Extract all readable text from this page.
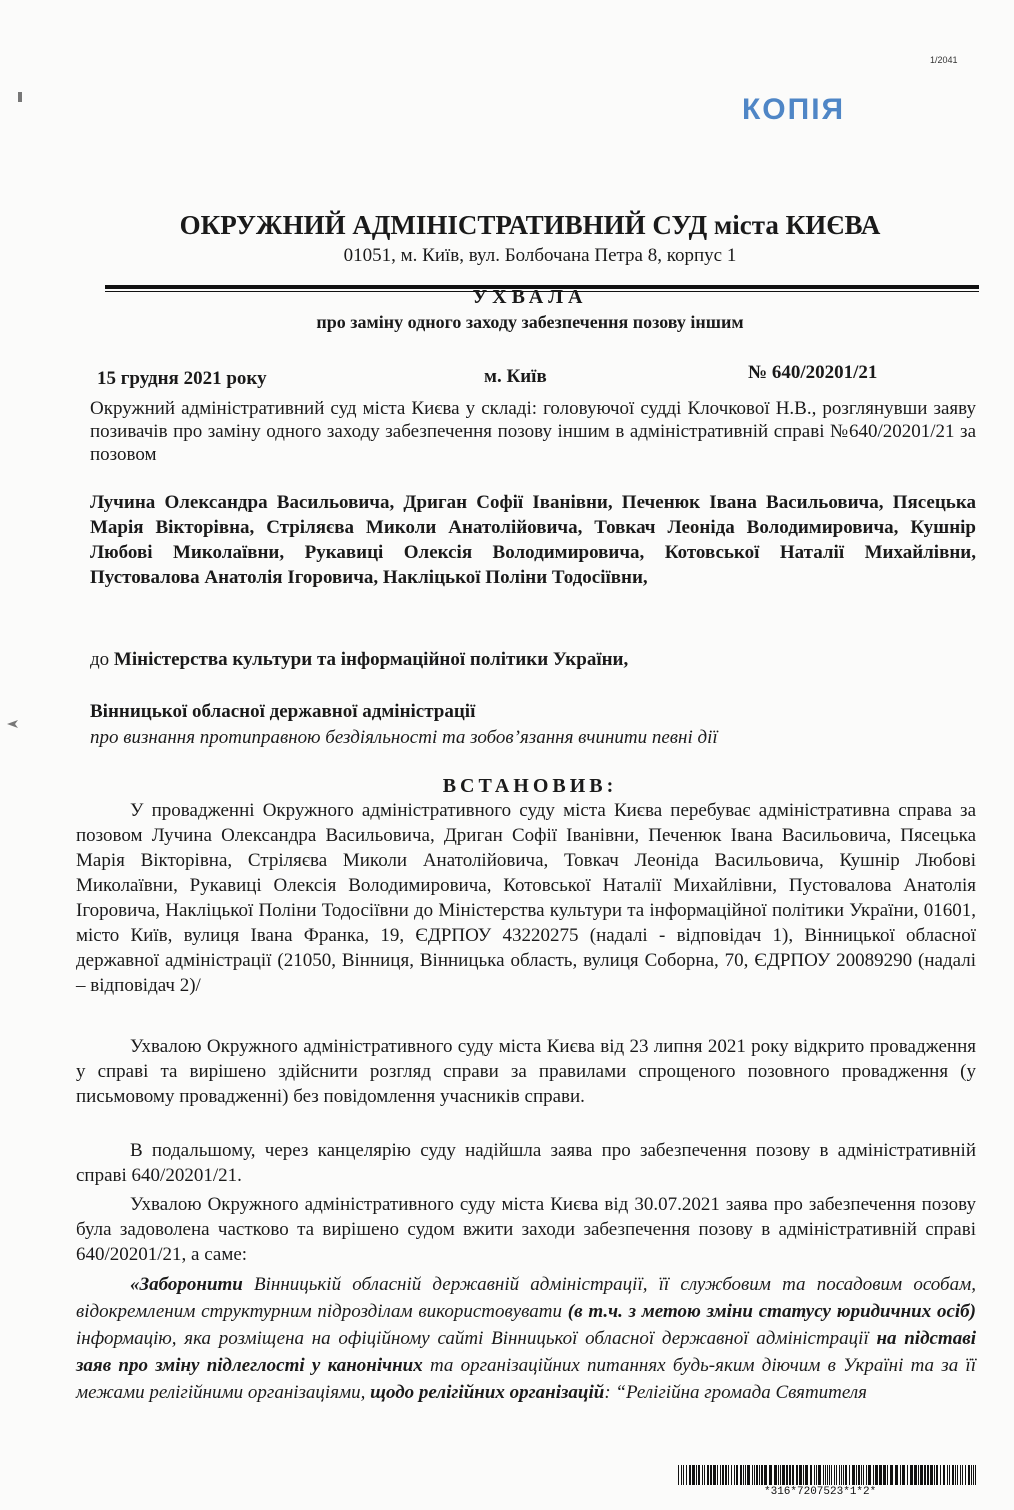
1/2041
КОПІЯ
ОКРУЖНИЙ АДМІНІСТРАТИВНИЙ СУД міста КИЄВА
01051, м. Київ, вул. Болбочана Петра 8, корпус 1
УХВАЛА
про заміну одного заходу забезпечення позову іншим
15 грудня 2021 року	м. Київ	№ 640/20201/21
Окружний адміністративний суд міста Києва у складі: головуючої судді Клочкової Н.В., розглянувши заяву позивачів про заміну одного заходу забезпечення позову іншим в адміністративній справі №640/20201/21 за позовом
Лучина Олександра Васильовича, Дриган Софії Іванівни, Печенюк Івана Васильовича, Пясецька Марія Вікторівна, Стріляєва Миколи Анатолійовича, Товкач Леоніда Володимировича, Кушнір Любові Миколаївни, Рукавиці Олексія Володимировича, Котовської Наталії Михайлівни, Пустовалова Анатолія Ігоровича, Накліцької Поліни Тодосіївни,
до Міністерства культури та інформаційної політики України,
Вінницької обласної державної адміністрації
про визнання протиправною бездіяльності та зобов’язання вчинити певні дії
ВСТАНОВИВ:
У провадженні Окружного адміністративного суду міста Києва перебуває адміністративна справа за позовом Лучина Олександра Васильовича, Дриган Софії Іванівни, Печенюк Івана Васильовича, Пясецька Марія Вікторівна, Стріляєва Миколи Анатолійовича, Товкач Леоніда Васильовича, Кушнір Любові Миколаївни, Рукавиці Олексія Володимировича, Котовської Наталії Михайлівни, Пустовалова Анатолія Ігоровича, Накліцької Поліни Тодосіївни до Міністерства культури та інформаційної політики України, 01601, місто Київ, вулиця Івана Франка, 19, ЄДРПОУ 43220275 (надалі - відповідач 1), Вінницької обласної державної адміністрації (21050, Вінниця, Вінницька область, вулиця Соборна, 70, ЄДРПОУ 20089290 (надалі – відповідач 2)/
Ухвалою Окружного адміністративного суду міста Києва від 23 липня 2021 року відкрито провадження у справі та вирішено здійснити розгляд справи за правилами спрощеного позовного провадження (у письмовому провадженні) без повідомлення учасників справи.
В подальшому, через канцелярію суду надійшла заява про забезпечення позову в адміністративній справі 640/20201/21.
Ухвалою Окружного адміністративного суду міста Києва від 30.07.2021 заява про забезпечення позову була задоволена частково та вирішено судом вжити заходи забезпечення позову в адміністративній справі 640/20201/21, а саме:
«Заборонити Вінницькій обласній державній адміністрації, її службовим та посадовим особам, відокремленим структурним підрозділам використовувати (в т.ч. з метою зміни статусу юридичних осіб) інформацію, яка розміщена на офіційному сайті Вінницької обласної державної адміністрації на підставі заяв про зміну підлеглості у канонічних та організаційних питаннях будь-яким діючим в Україні та за її межами релігійними організаціями, щодо релігійних організацій: “Релігійна громада Святителя
*316*7207523*1*2*
